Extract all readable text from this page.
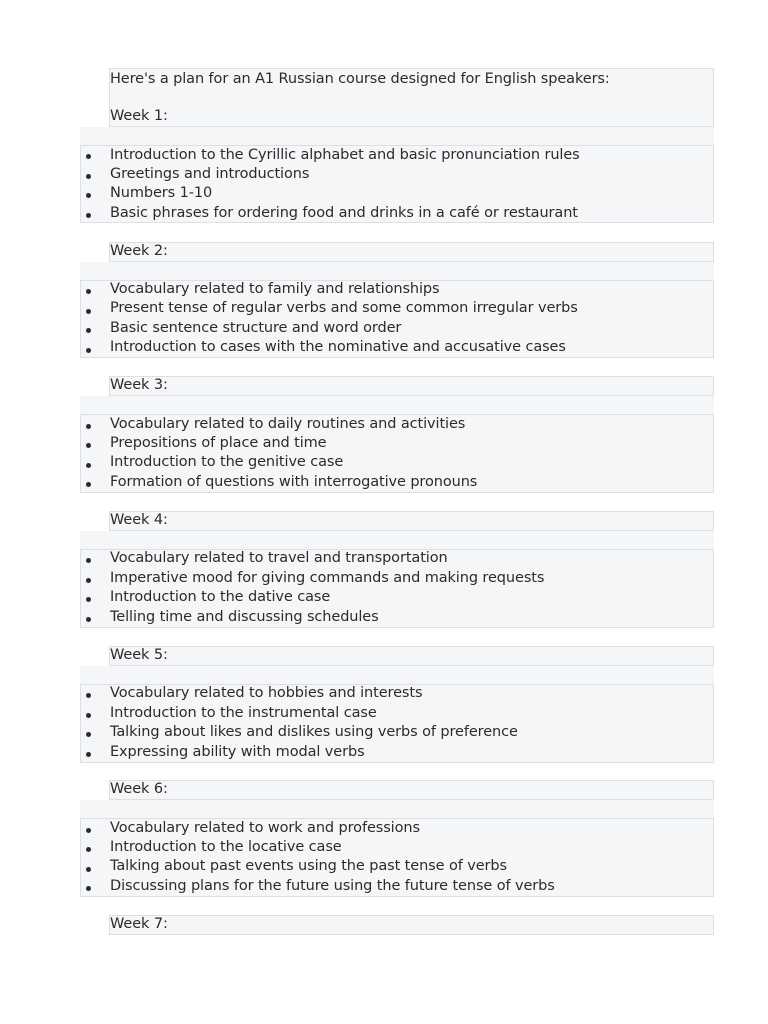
Here's a plan for an A1 Russian course designed for English speakers:
Week 1:
Introduction to the Cyrillic alphabet and basic pronunciation rules
Greetings and introductions
Numbers 1-10
Basic phrases for ordering food and drinks in a café or restaurant
Week 2:
Vocabulary related to family and relationships
Present tense of regular verbs and some common irregular verbs
Basic sentence structure and word order
Introduction to cases with the nominative and accusative cases
Week 3:
Vocabulary related to daily routines and activities
Prepositions of place and time
Introduction to the genitive case
Formation of questions with interrogative pronouns
Week 4:
Vocabulary related to travel and transportation
Imperative mood for giving commands and making requests
Introduction to the dative case
Telling time and discussing schedules
Week 5:
Vocabulary related to hobbies and interests
Introduction to the instrumental case
Talking about likes and dislikes using verbs of preference
Expressing ability with modal verbs
Week 6:
Vocabulary related to work and professions
Introduction to the locative case
Talking about past events using the past tense of verbs
Discussing plans for the future using the future tense of verbs
Week 7:
